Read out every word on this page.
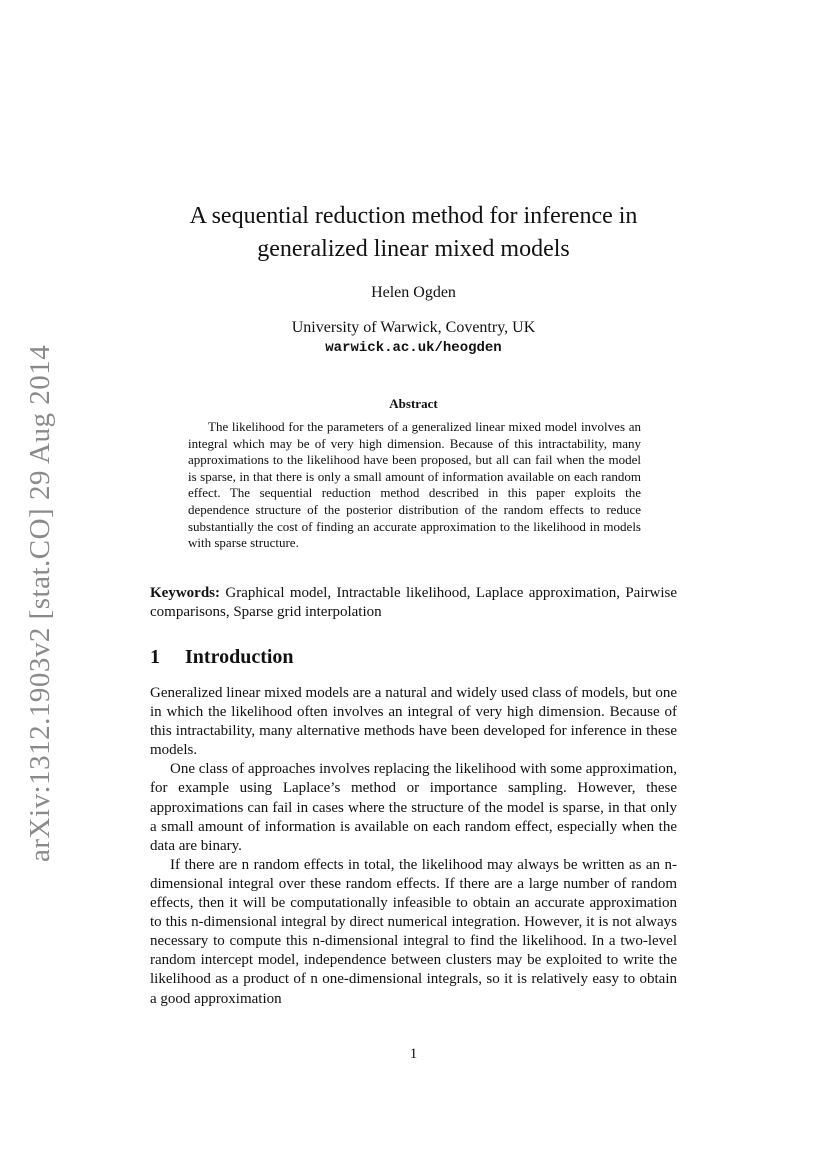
arXiv:1312.1903v2 [stat.CO] 29 Aug 2014
A sequential reduction method for inference in generalized linear mixed models
Helen Ogden
University of Warwick, Coventry, UK
warwick.ac.uk/heogden
Abstract

The likelihood for the parameters of a generalized linear mixed model involves an integral which may be of very high dimension. Because of this intractability, many approximations to the likelihood have been proposed, but all can fail when the model is sparse, in that there is only a small amount of information available on each random effect. The sequential reduction method described in this paper exploits the dependence structure of the posterior distribution of the random effects to reduce substantially the cost of finding an accurate approximation to the likelihood in models with sparse structure.

Keywords: Graphical model, Intractable likelihood, Laplace approximation, Pairwise comparisons, Sparse grid interpolation

1 Introduction

Generalized linear mixed models are a natural and widely used class of models, but one in which the likelihood often involves an integral of very high dimension. Because of this intractability, many alternative methods have been developed for inference in these models.

One class of approaches involves replacing the likelihood with some approximation, for example using Laplace’s method or importance sampling. However, these approximations can fail in cases where the structure of the model is sparse, in that only a small amount of information is available on each random effect, especially when the data are binary.

If there are n random effects in total, the likelihood may always be written as an n-dimensional integral over these random effects. If there are a large number of random effects, then it will be computationally infeasible to obtain an accurate approximation to this n-dimensional integral by direct numerical integration. However, it is not always necessary to compute this n-dimensional integral to find the likelihood. In a two-level random intercept model, independence between clusters may be exploited to write the likelihood as a product of n one-dimensional integrals, so it is relatively easy to obtain a good approximation

1
